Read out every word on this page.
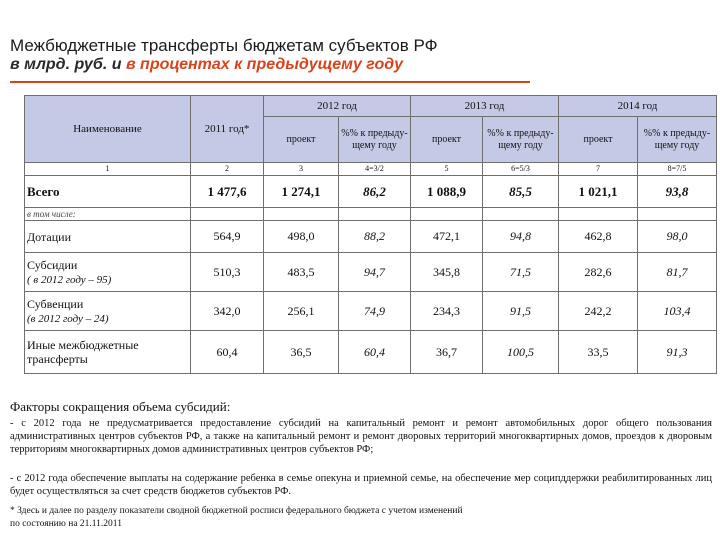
Межбюджетные трансферты бюджетам субъектов РФ
в млрд. руб. и в процентах к предыдущему году
Наименование	2011 год*	2012 год		2013 год		2014 год	
		проект	%% к предыду-щему году	проект	%% к предыду-щему году	проект	%% к предыду-щему году
1	2	3	4=3/2	5	6=5/3	7	8=7/5
Всего	1 477,6	1 274,1	86,2	1 088,9	85,5	1 021,1	93,8
в том числе:							
Дотации	564,9	498,0	88,2	472,1	94,8	462,8	98,0
Субсидии
( в 2012 году – 95)	510,3	483,5	94,7	345,8	71,5	282,6	81,7
Субвенции
(в 2012 году – 24)	342,0	256,1	74,9	234,3	91,5	242,2	103,4
Иные межбюджетные трансферты	60,4	36,5	60,4	36,7	100,5	33,5	91,3
Факторы сокращения объема субсидий:
- с 2012 года не предусматривается предоставление субсидий на капитальный ремонт и ремонт автомобильных дорог общего пользования административных центров субъектов РФ, а также на капитальный ремонт и ремонт дворовых территорий многоквартирных домов, проездов к дворовым территориям многоквартирных домов административных центров субъектов РФ;
- с 2012 года обеспечение выплаты на содержание ребенка в семье опекуна и приемной семье, на обеспечение мер соципддержки реабилитированных лиц будет осуществляться за счет средств бюджетов субъектов РФ.
* Здесь и далее по разделу показатели сводной бюджетной росписи федерального бюджета с учетом изменений
по состоянию на 21.11.2011
